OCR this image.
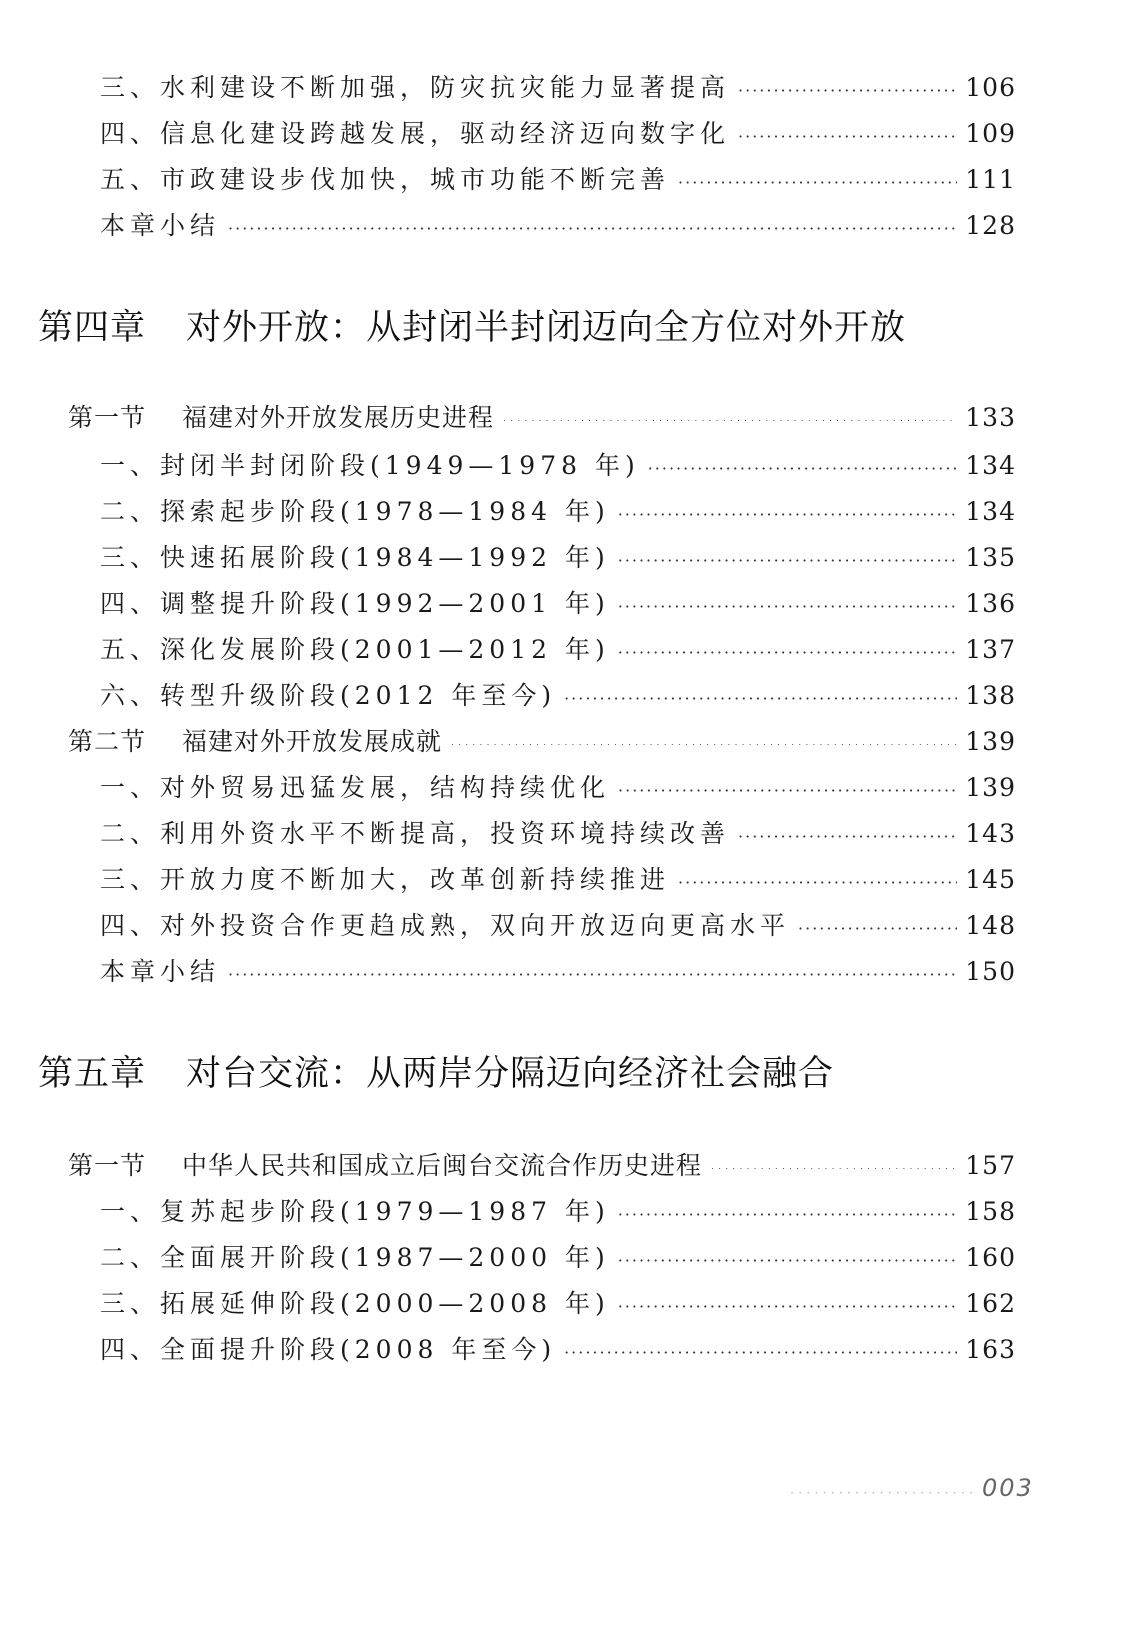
三、水利建设不断加强，防灾抗灾能力显著提高 ·····	106
四、信息化建设跨越发展，驱动经济迈向数字化 ·····	109
五、市政建设步伐加快，城市功能不断完善 ·····	111
本章小结 ·····	128
第四章 对外开放：从封闭半封闭迈向全方位对外开放
第一节 福建对外开放发展历史进程 ·····	133
一、封闭半封闭阶段(1949—1978 年) ·····	134
二、探索起步阶段(1978—1984 年) ·····	134
三、快速拓展阶段(1984—1992 年) ·····	135
四、调整提升阶段(1992—2001 年) ·····	136
五、深化发展阶段(2001—2012 年) ·····	137
六、转型升级阶段(2012 年至今) ·····	138
第二节 福建对外开放发展成就 ·····	139
一、对外贸易迅猛发展，结构持续优化 ·····	139
二、利用外资水平不断提高，投资环境持续改善 ·····	143
三、开放力度不断加大，改革创新持续推进 ·····	145
四、对外投资合作更趋成熟，双向开放迈向更高水平 ·····	148
本章小结 ·····	150
第五章 对台交流：从两岸分隔迈向经济社会融合
第一节 中华人民共和国成立后闽台交流合作历史进程 ·····	157
一、复苏起步阶段(1979—1987 年) ·····	158
二、全面展开阶段(1987—2000 年) ·····	160
三、拓展延伸阶段(2000—2008 年) ·····	162
四、全面提升阶段(2008 年至今) ·····	163
·····
003
